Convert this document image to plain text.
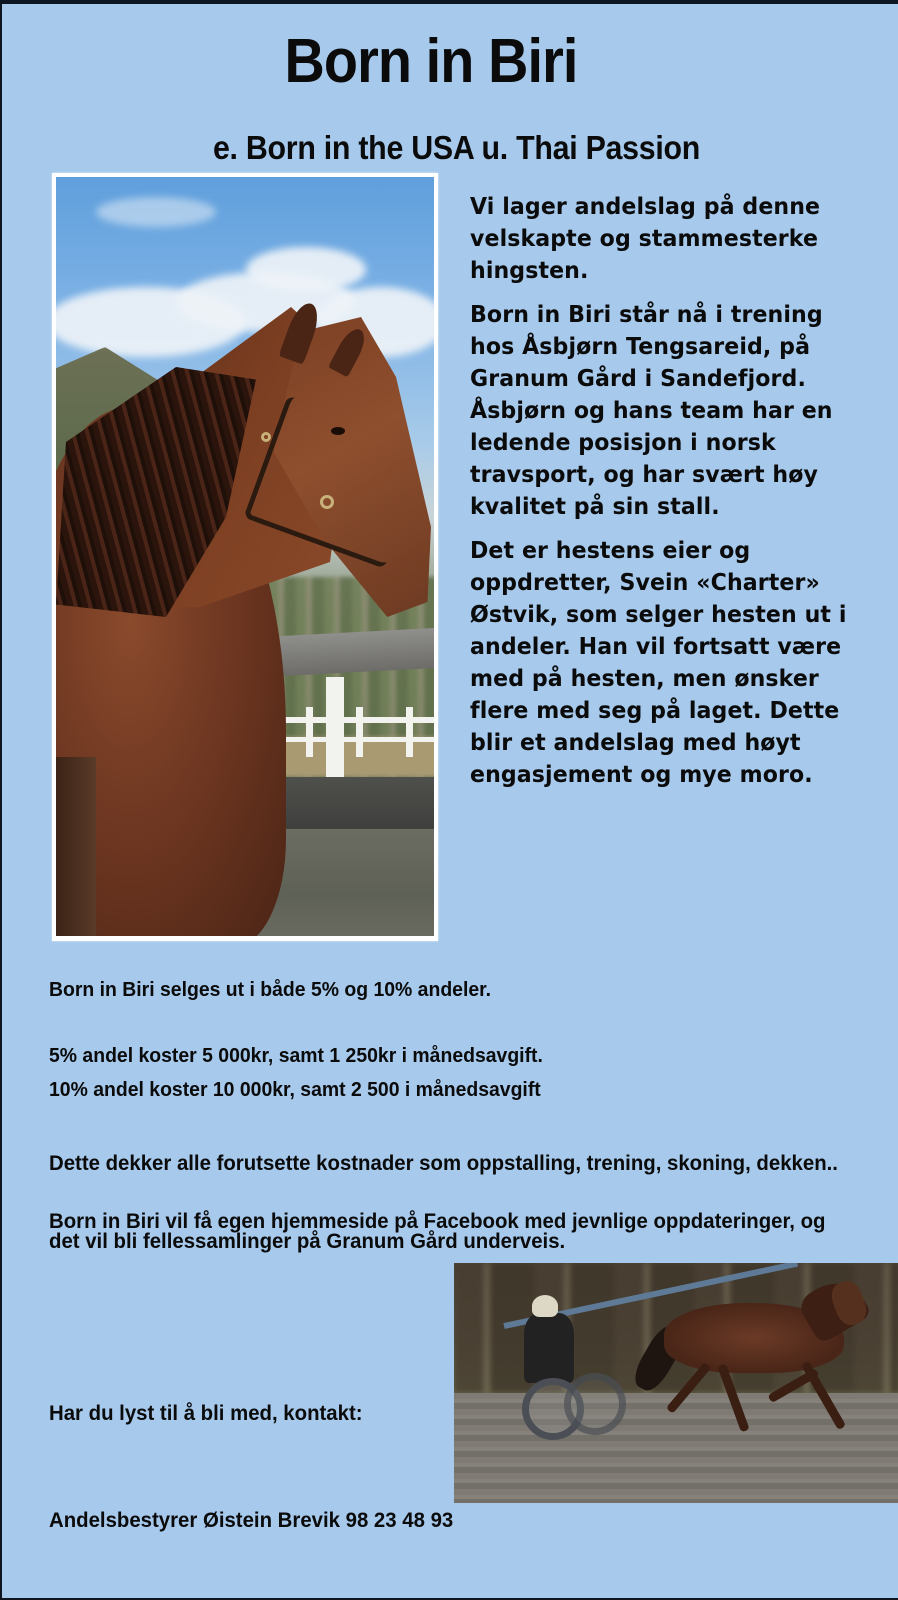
Born in Biri
e. Born in the USA u. Thai Passion

Vi lager andelslag på denne velskapte og stammesterke hingsten.

Born in Biri står nå i trening hos Åsbjørn Tengsareid, på Granum Gård i Sandefjord. Åsbjørn og hans team har en ledende posisjon i norsk travsport, og har svært høy kvalitet på sin stall.

Det er hestens eier og oppdretter, Svein «Charter» Østvik, som selger hesten ut i andeler. Han vil fortsatt være med på hesten, men ønsker flere med seg på laget. Dette blir et andelslag med høyt engasjement og mye moro.

Born in Biri selges ut i både 5% og 10% andeler.

5% andel koster 5 000kr, samt 1 250kr i månedsavgift.

10% andel koster 10 000kr, samt 2 500 i månedsavgift

Dette dekker alle forutsette kostnader som oppstalling, trening, skoning, dekken..

Born in Biri vil få egen hjemmeside på Facebook med jevnlige oppdateringer, og det vil bli fellessamlinger på Granum Gård underveis.

Har du lyst til å bli med, kontakt:

Andelsbestyrer Øistein Brevik 98 23 48 93
